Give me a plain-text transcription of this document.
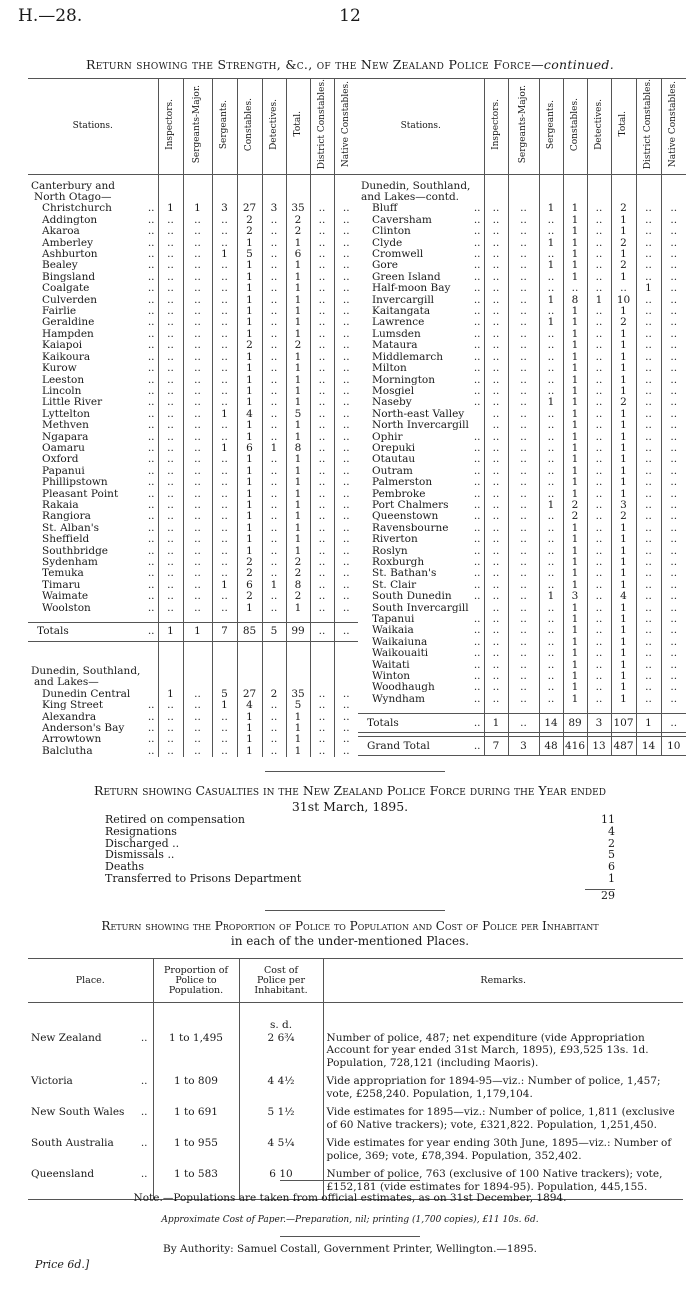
H.—28.	12
Return showing the Strength, &c., of the New Zealand Police Force—continued.
Stations.	Inspectors.	Sergeants-Major.	Sergeants.	Constables.	Detectives.	Total.	District Constables.	Native Constables.

Canterbury and								

North Otago—								

Christchurch ..	1	1	3	27	3	35	..	..

Addington ..	..	..	..	2	..	2	..	..

Akaroa ..	..	..	..	2	..	2	..	..

Amberley ..	..	..	..	1	..	1	..	..

Ashburton ..	..	..	1	5	..	6	..	..

Bealey ..	..	..	..	1	..	1	..	..

Bingsland ..	..	..	..	1	..	1	..	..

Coalgate ..	..	..	..	1	..	1	..	..

Culverden ..	..	..	..	1	..	1	..	..

Fairlie ..	..	..	..	1	..	1	..	..

Geraldine ..	..	..	..	1	..	1	..	..

Hampden ..	..	..	..	1	..	1	..	..

Kaiapoi ..	..	..	..	2	..	2	..	..

Kaikoura ..	..	..	..	1	..	1	..	..

Kurow ..	..	..	..	1	..	1	..	..

Leeston ..	..	..	..	1	..	1	..	..

Lincoln ..	..	..	..	1	..	1	..	..

Little River ..	..	..	..	1	..	1	..	..

Lyttelton ..	..	..	1	4	..	5	..	..

Methven ..	..	..	..	1	..	1	..	..

Ngapara ..	..	..	..	1	..	1	..	..

Oamaru ..	..	..	1	6	1	8	..	..

Oxford ..	..	..	..	1	..	1	..	..

Papanui ..	..	..	..	1	..	1	..	..

Phillipstown ..	..	..	..	1	..	1	..	..

Pleasant Point ..	..	..	..	1	..	1	..	..

Rakaia ..	..	..	..	1	..	1	..	..

Rangiora ..	..	..	..	1	..	1	..	..

St. Alban's ..	..	..	..	1	..	1	..	..

Sheffield ..	..	..	..	1	..	1	..	..

Southbridge ..	..	..	..	1	..	1	..	..

Sydenham ..	..	..	..	2	..	2	..	..

Temuka ..	..	..	..	2	..	2	..	..

Timaru ..	..	..	1	6	1	8	..	..

Waimate ..	..	..	..	2	..	2	..	..

Woolston ..	..	..	..	1	..	1	..	..

Totals ..	1	1	7	85	5	99	..	..

Dunedin, Southland,								

and Lakes—								

Dunedin Central	1	..	5	27	2	35	..	..

King Street ..	..	..	1	4	..	5	..	..

Alexandra ..	..	..	..	1	..	1	..	..

Anderson's Bay ..	..	..	..	1	..	1	..	..

Arrowtown ..	..	..	..	1	..	1	..	..

Balclutha ..	..	..	..	1	..	1	..	..
Stations.	Inspectors.	Sergeants-Major.	Sergeants.	Constables.	Detectives.	Total.	District Constables.	Native Constables.

Dunedin, Southland,								

and Lakes—contd.								

Bluff ..	..	..	1	1	..	2	..	..

Caversham ..	..	..	..	1	..	1	..	..

Clinton ..	..	..	..	1	..	1	..	..

Clyde ..	..	..	1	1	..	2	..	..

Cromwell ..	..	..	..	1	..	1	..	..

Gore ..	..	..	1	1	..	2	..	..

Green Island ..	..	..	..	1	..	1	..	..

Half-moon Bay ..	..	..	..	..	..	..	1	..

Invercargill ..	..	..	1	8	1	10	..	..

Kaitangata ..	..	..	..	1	..	1	..	..

Lawrence ..	..	..	1	1	..	2	..	..

Lumsden ..	..	..	..	1	..	1	..	..

Mataura ..	..	..	..	1	..	1	..	..

Middlemarch ..	..	..	..	1	..	1	..	..

Milton ..	..	..	..	1	..	1	..	..

Mornington ..	..	..	..	1	..	1	..	..

Mosgiel ..	..	..	..	1	..	1	..	..

Naseby ..	..	..	1	1	..	2	..	..

North-east Valley	..	..	..	1	..	1	..	..

North Invercargill	..	..	..	1	..	1	..	..

Ophir ..	..	..	..	1	..	1	..	..

Orepuki ..	..	..	..	1	..	1	..	..

Otautau ..	..	..	..	1	..	1	..	..

Outram ..	..	..	..	1	..	1	..	..

Palmerston ..	..	..	..	1	..	1	..	..

Pembroke ..	..	..	..	1	..	1	..	..

Port Chalmers ..	..	..	1	2	..	3	..	..

Queenstown ..	..	..	..	2	..	2	..	..

Ravensbourne ..	..	..	..	1	..	1	..	..

Riverton ..	..	..	..	1	..	1	..	..

Roslyn ..	..	..	..	1	..	1	..	..

Roxburgh ..	..	..	..	1	..	1	..	..

St. Bathan's ..	..	..	..	1	..	1	..	..

St. Clair ..	..	..	..	1	..	1	..	..

South Dunedin ..	..	..	1	3	..	4	..	..

South Invercargill	..	..	..	1	..	1	..	..

Tapanui ..	..	..	..	1	..	1	..	..

Waikaia ..	..	..	..	1	..	1	..	..

Waikaiuna ..	..	..	..	1	..	1	..	..

Waikouaiti ..	..	..	..	1	..	1	..	..

Waitati ..	..	..	..	1	..	1	..	..

Winton ..	..	..	..	1	..	1	..	..

Woodhaugh ..	..	..	..	1	..	1	..	..

Wyndham ..	..	..	..	1	..	1	..	..

Totals ..	1	..	14	89	3	107	1	..

Grand Total ..	7	3	48	416	13	487	14	10
Return showing Casualties in the New Zealand Police Force during the Year ended
31st March, 1895.
Retired on compensation	11
Resignations	4
Discharged ..	2
Dismissals ..	5
Deaths	6
Transferred to Prisons Department	1
29
Return showing the Proportion of Police to Population and Cost of Police per Inhabitant
in each of the under-mentioned Places.
Place.	Proportion of Police to Population.	Cost of Police per Inhabitant.	Remarks.
		s. d.	

New Zealand ..	1 to 1,495	2 6¾	Number of police, 487; net expenditure (vide Appropriation Account for year ended 31st March, 1895), £93,525 13s. 1d. Population, 728,121 (including Maoris).

Victoria ..	1 to 809	4 4½	Vide appropriation for 1894-95—viz.: Number of police, 1,457; vote, £258,240. Population, 1,179,104.

New South Wales ..	1 to 691	5 1½	Vide estimates for 1895—viz.: Number of police, 1,811 (exclusive of 60 Native trackers); vote, £321,822. Population, 1,251,450.

South Australia ..	1 to 955	4 5¼	Vide estimates for year ending 30th June, 1895—viz.: Number of police, 369; vote, £78,394. Population, 352,402.

Queensland ..	1 to 583	6 10	Number of police, 763 (exclusive of 100 Native trackers); vote, £152,181 (vide estimates for 1894-95). Population, 445,155.
Note.—Populations are taken from official estimates, as on 31st December, 1894.
Approximate Cost of Paper.—Preparation, nil; printing (1,700 copies), £11 10s. 6d.
By Authority: Samuel Costall, Government Printer, Wellington.—1895.
Price 6d.]
